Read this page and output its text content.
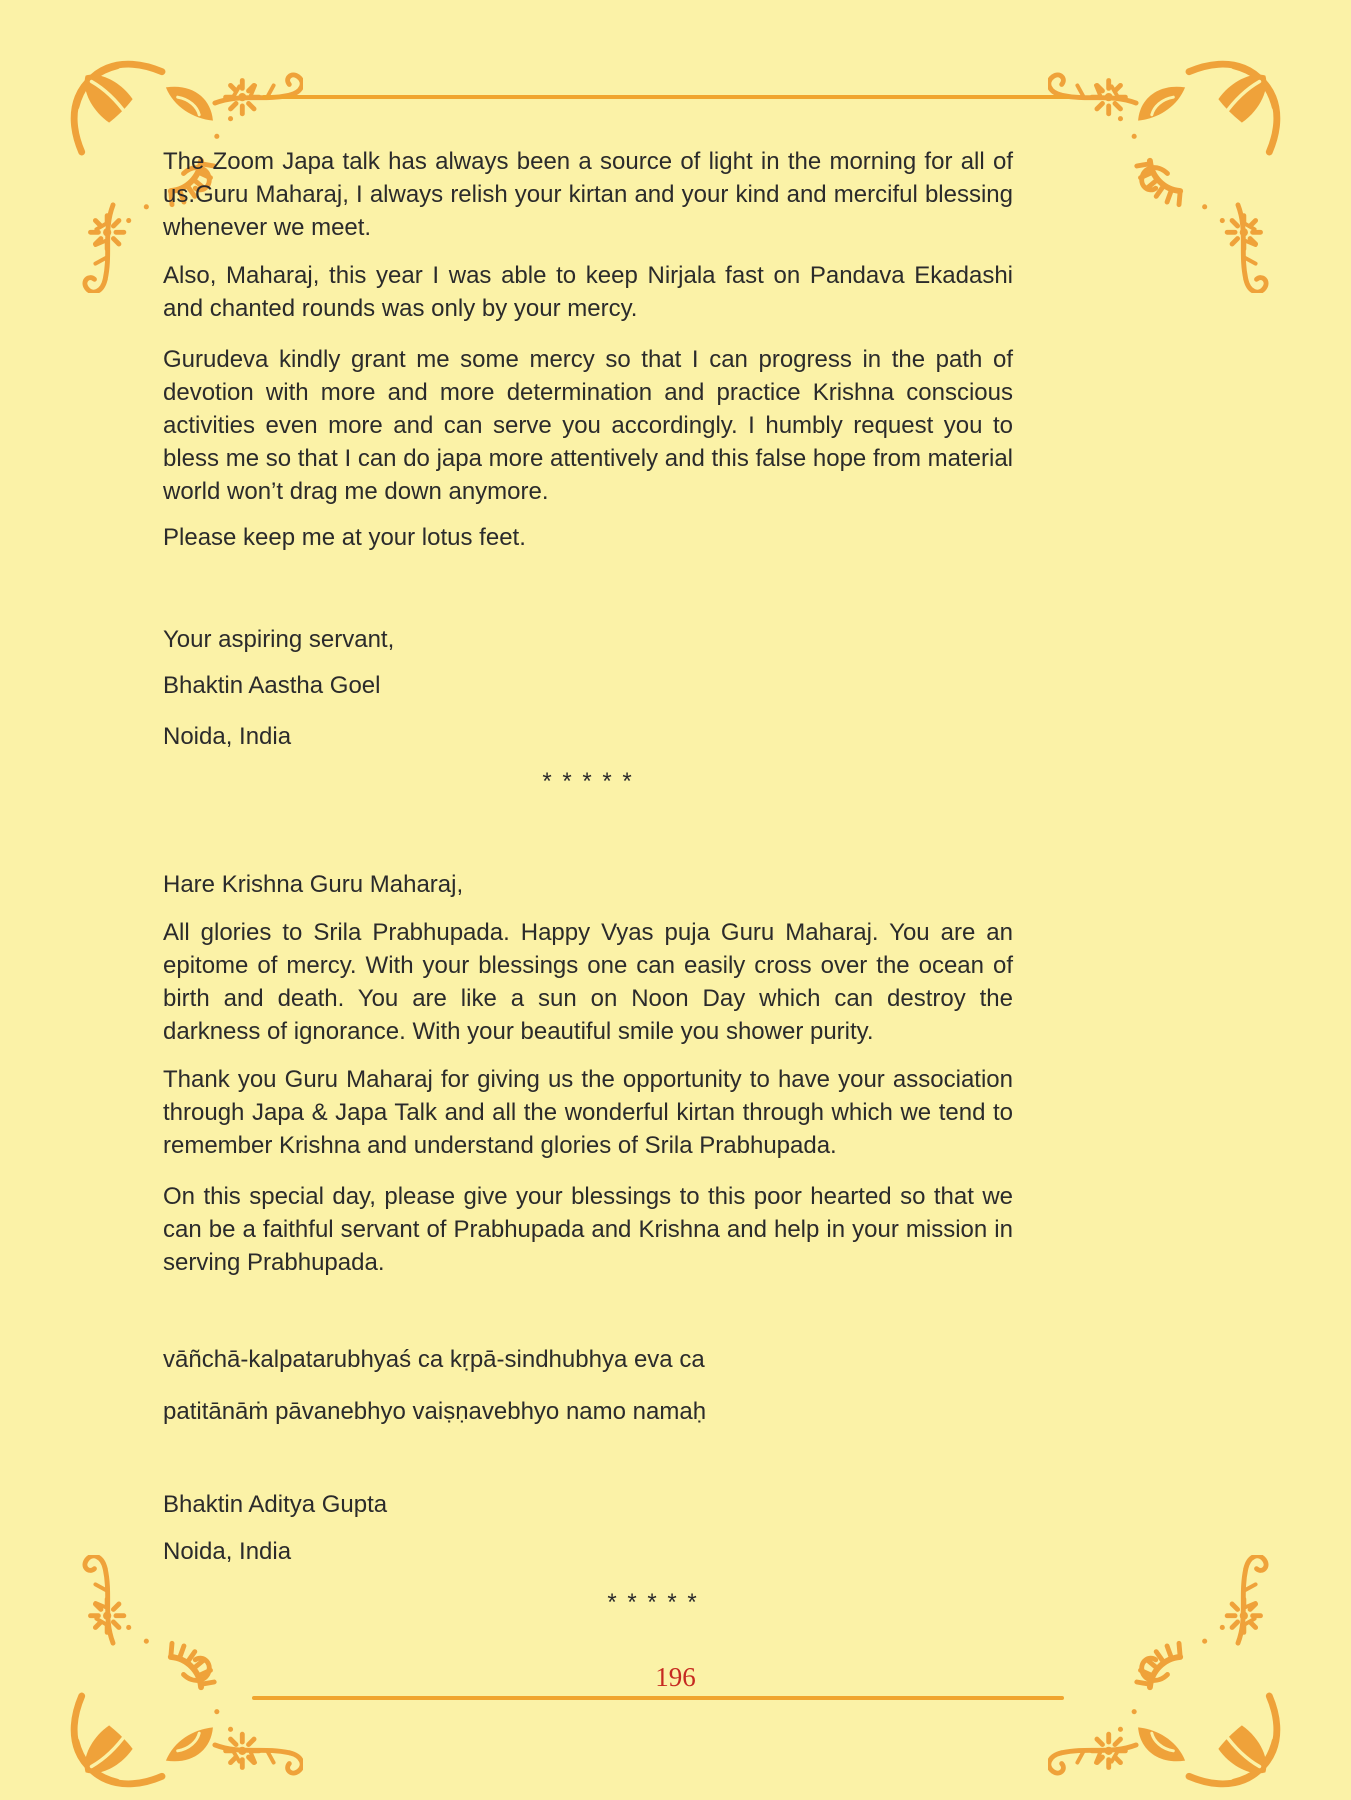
The Zoom Japa talk has always been a source of light in the morning for all of us.Guru Maharaj, I always relish your kirtan and your kind and merciful blessing whenever we meet.

Also, Maharaj, this year I was able to keep Nirjala fast on Pandava Ekadashi and chanted rounds was only by your mercy.

Gurudeva kindly grant me some mercy so that I can progress in the path of devotion with more and more determination and practice Krishna conscious activities even more and can serve you accordingly. I humbly request you to bless me so that I can do japa more attentively and this false hope from material world won’t drag me down anymore.

Please keep me at your lotus feet.

Your aspiring servant,

Bhaktin Aastha Goel

Noida, India

* * * * *

Hare Krishna Guru Maharaj,

All glories to Srila Prabhupada. Happy Vyas puja Guru Maharaj. You are an epitome of mercy. With your blessings one can easily cross over the ocean of birth and death. You are like a sun on Noon Day which can destroy the darkness of ignorance. With your beautiful smile you shower purity.

Thank you Guru Maharaj for giving us the opportunity to have your association through Japa & Japa Talk and all the wonderful kirtan through which we tend to remember Krishna and understand glories of Srila Prabhupada.

On this special day, please give your blessings to this poor hearted so that we can be a faithful servant of Prabhupada and Krishna and help in your mission in serving Prabhupada.

vāñchā-kalpatarubhyaś ca kṛpā-sindhubhya eva ca

patitānāṁ pāvanebhyo vaiṣṇavebhyo namo namaḥ

Bhaktin Aditya Gupta

Noida, India

* * * * *

196
